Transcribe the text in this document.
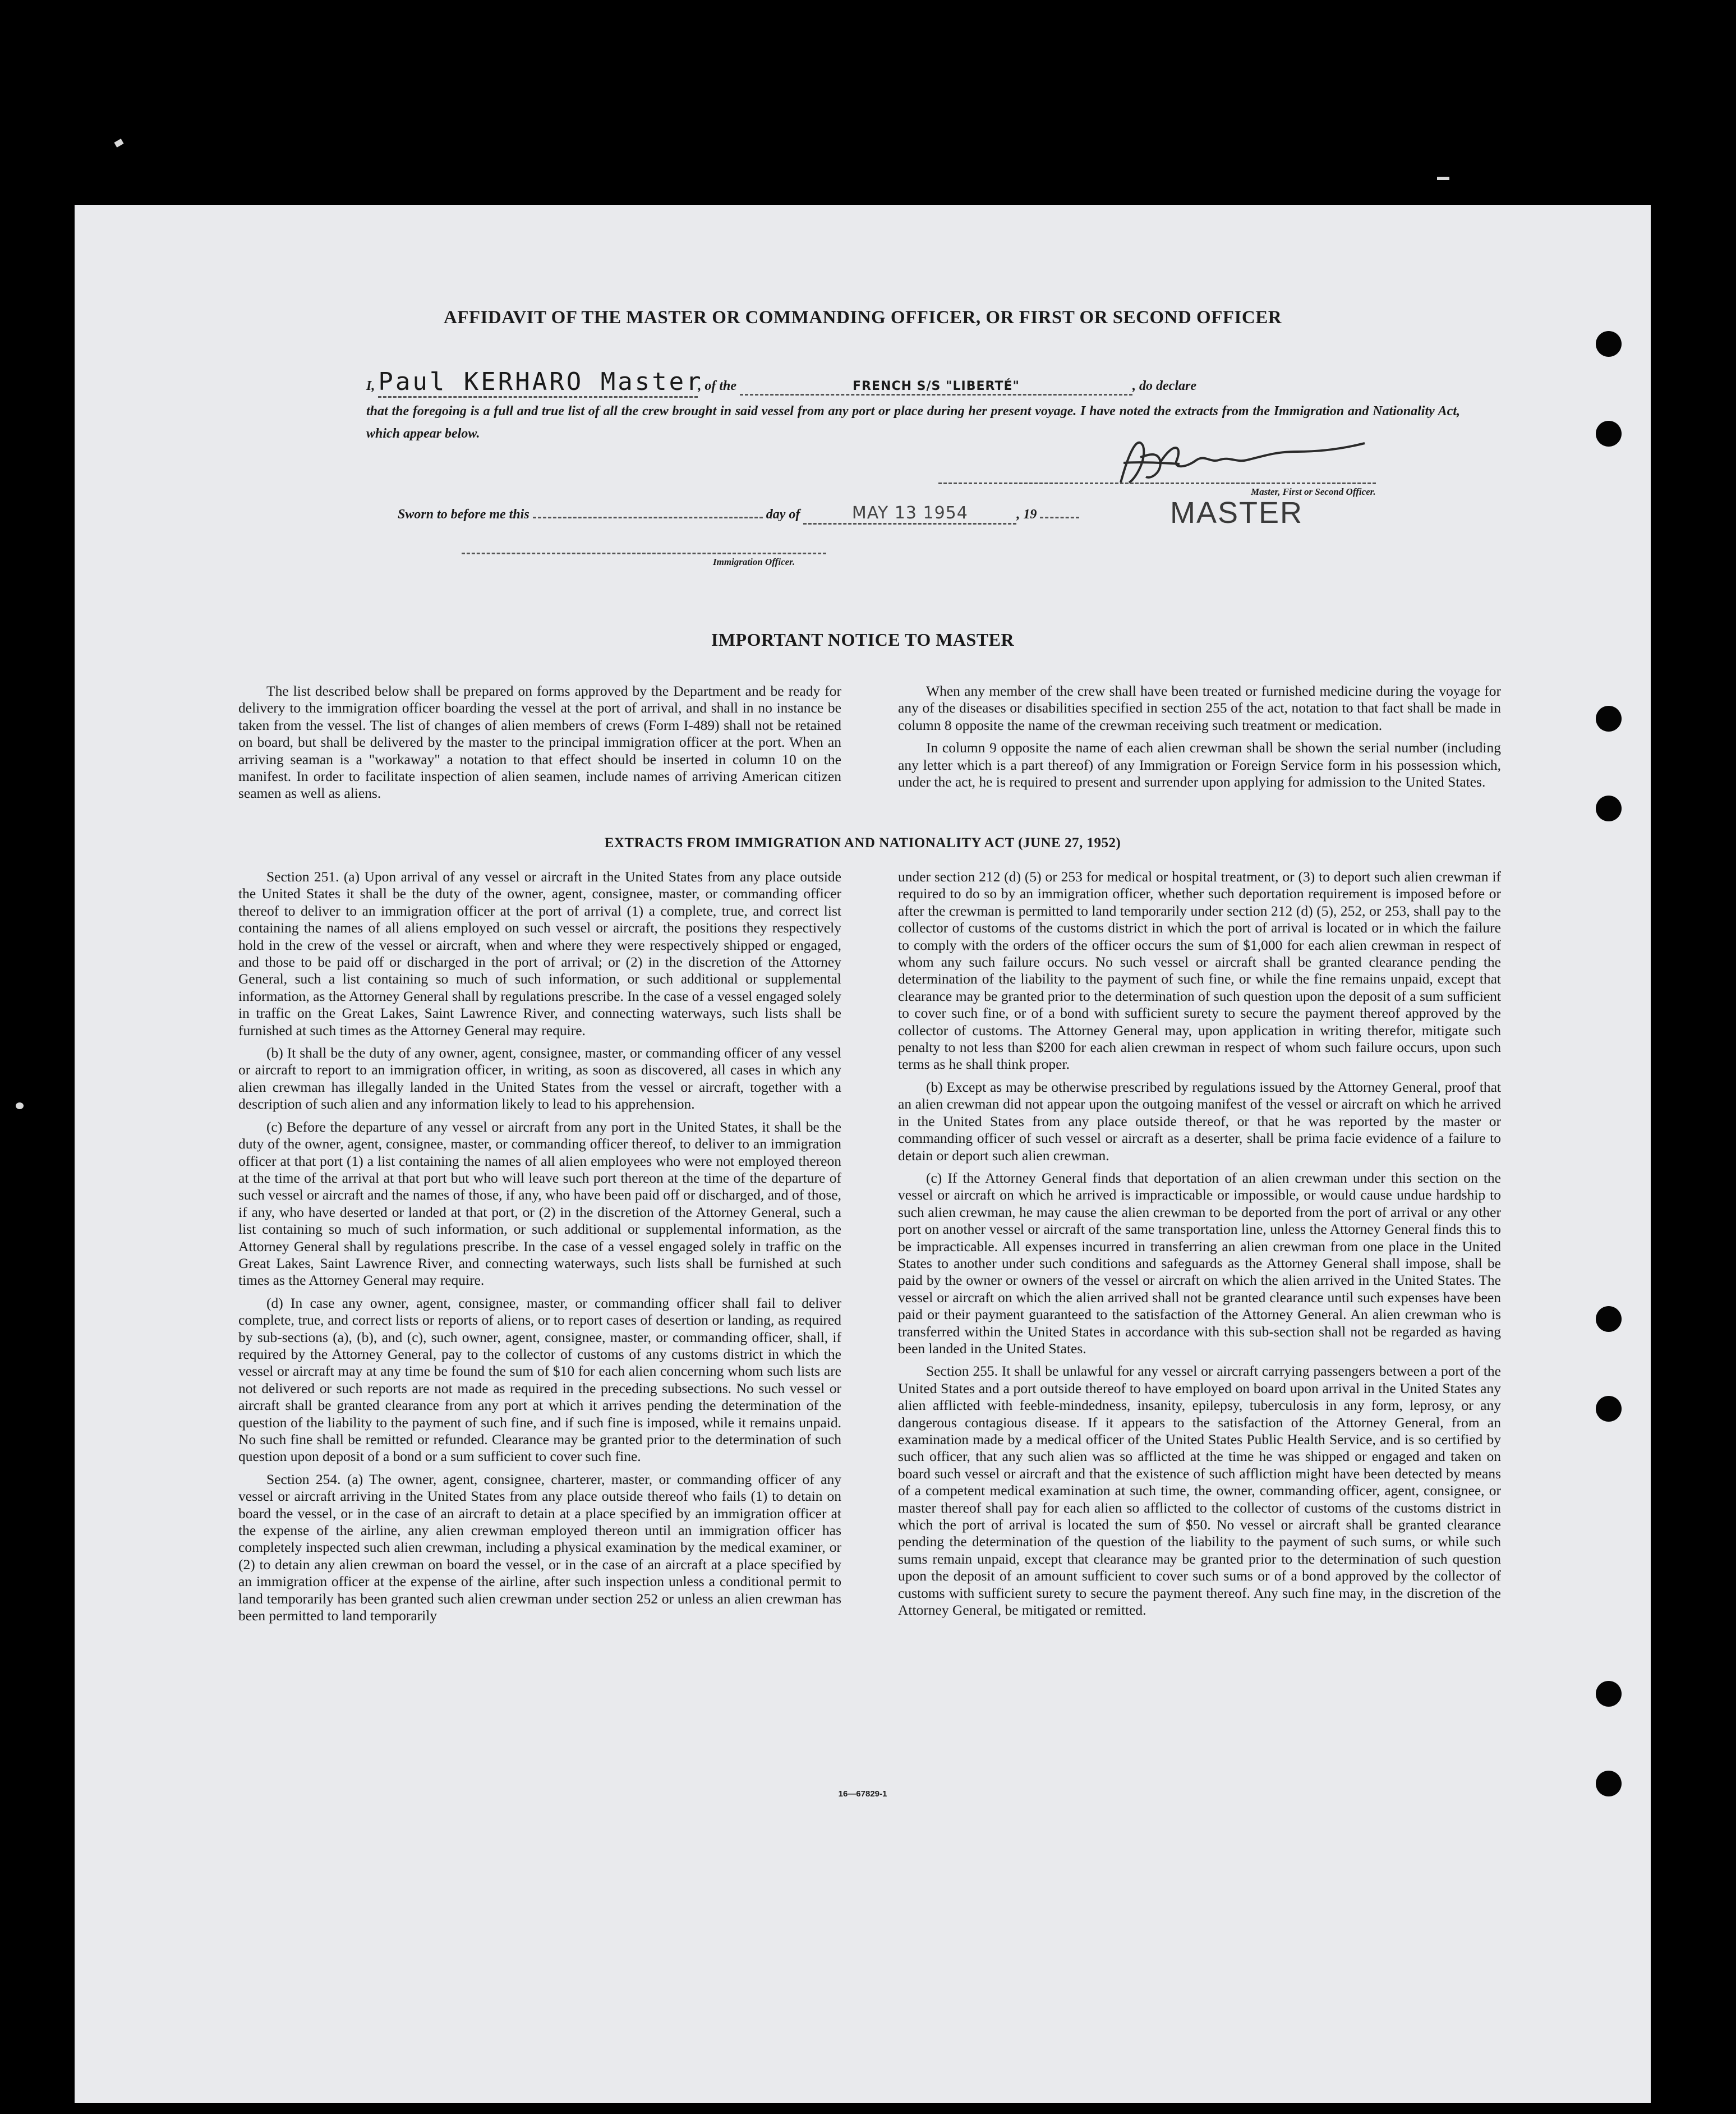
AFFIDAVIT OF THE MASTER OR COMMANDING OFFICER, OR FIRST OR SECOND OFFICER
I, Paul KERHARO Master, of the	FRENCH S/S "LIBERTÉ"	, do declare
that the foregoing is a full and true list of all the crew brought in said vessel from any port or place during her present voyage. I have noted the extracts from the Immigration and Nationality Act, which appear below.
Master, First or Second Officer.
MASTER
Sworn to before me this	day of	MAY 13 1954	, 19
Immigration Officer.
IMPORTANT NOTICE TO MASTER

The list described below shall be prepared on forms approved by the Department and be ready for delivery to the immigration officer boarding the vessel at the port of arrival, and shall in no instance be taken from the vessel. The list of changes of alien members of crews (Form I-489) shall not be retained on board, but shall be delivered by the master to the principal immigration officer at the port. When an arriving seaman is a "workaway" a notation to that effect should be inserted in column 10 on the manifest. In order to facilitate inspection of alien seamen, include names of arriving American citizen seamen as well as aliens.

When any member of the crew shall have been treated or furnished medicine during the voyage for any of the diseases or disabilities specified in section 255 of the act, notation to that fact shall be made in column 8 opposite the name of the crewman receiving such treatment or medication.

In column 9 opposite the name of each alien crewman shall be shown the serial number (including any letter which is a part thereof) of any Immigration or Foreign Service form in his possession which, under the act, he is required to present and surrender upon applying for admission to the United States.

EXTRACTS FROM IMMIGRATION AND NATIONALITY ACT (JUNE 27, 1952)

Section 251. (a) Upon arrival of any vessel or aircraft in the United States from any place outside the United States it shall be the duty of the owner, agent, consignee, master, or commanding officer thereof to deliver to an immigration officer at the port of arrival (1) a complete, true, and correct list containing the names of all aliens employed on such vessel or aircraft, the positions they respectively hold in the crew of the vessel or aircraft, when and where they were respectively shipped or engaged, and those to be paid off or discharged in the port of arrival; or (2) in the discretion of the Attorney General, such a list containing so much of such information, or such additional or supplemental information, as the Attorney General shall by regulations prescribe. In the case of a vessel engaged solely in traffic on the Great Lakes, Saint Lawrence River, and connecting waterways, such lists shall be furnished at such times as the Attorney General may require.

(b) It shall be the duty of any owner, agent, consignee, master, or commanding officer of any vessel or aircraft to report to an immigration officer, in writing, as soon as discovered, all cases in which any alien crewman has illegally landed in the United States from the vessel or aircraft, together with a description of such alien and any information likely to lead to his apprehension.

(c) Before the departure of any vessel or aircraft from any port in the United States, it shall be the duty of the owner, agent, consignee, master, or commanding officer thereof, to deliver to an immigration officer at that port (1) a list containing the names of all alien employees who were not employed thereon at the time of the arrival at that port but who will leave such port thereon at the time of the departure of such vessel or aircraft and the names of those, if any, who have been paid off or discharged, and of those, if any, who have deserted or landed at that port, or (2) in the discretion of the Attorney General, such a list containing so much of such information, or such additional or supplemental information, as the Attorney General shall by regulations prescribe. In the case of a vessel engaged solely in traffic on the Great Lakes, Saint Lawrence River, and connecting waterways, such lists shall be furnished at such times as the Attorney General may require.

(d) In case any owner, agent, consignee, master, or commanding officer shall fail to deliver complete, true, and correct lists or reports of aliens, or to report cases of desertion or landing, as required by sub-sections (a), (b), and (c), such owner, agent, consignee, master, or commanding officer, shall, if required by the Attorney General, pay to the collector of customs of any customs district in which the vessel or aircraft may at any time be found the sum of $10 for each alien concerning whom such lists are not delivered or such reports are not made as required in the preceding subsections. No such vessel or aircraft shall be granted clearance from any port at which it arrives pending the determination of the question of the liability to the payment of such fine, and if such fine is imposed, while it remains unpaid. No such fine shall be remitted or refunded. Clearance may be granted prior to the determination of such question upon deposit of a bond or a sum sufficient to cover such fine.

Section 254. (a) The owner, agent, consignee, charterer, master, or commanding officer of any vessel or aircraft arriving in the United States from any place outside thereof who fails (1) to detain on board the vessel, or in the case of an aircraft to detain at a place specified by an immigration officer at the expense of the airline, any alien crewman employed thereon until an immigration officer has completely inspected such alien crewman, including a physical examination by the medical examiner, or (2) to detain any alien crewman on board the vessel, or in the case of an aircraft at a place specified by an immigration officer at the expense of the airline, after such inspection unless a conditional permit to land temporarily has been granted such alien crewman under section 252 or unless an alien crewman has been permitted to land temporarily

under section 212 (d) (5) or 253 for medical or hospital treatment, or (3) to deport such alien crewman if required to do so by an immigration officer, whether such deportation requirement is imposed before or after the crewman is permitted to land temporarily under section 212 (d) (5), 252, or 253, shall pay to the collector of customs of the customs district in which the port of arrival is located or in which the failure to comply with the orders of the officer occurs the sum of $1,000 for each alien crewman in respect of whom any such failure occurs. No such vessel or aircraft shall be granted clearance pending the determination of the liability to the payment of such fine, or while the fine remains unpaid, except that clearance may be granted prior to the determination of such question upon the deposit of a sum sufficient to cover such fine, or of a bond with sufficient surety to secure the payment thereof approved by the collector of customs. The Attorney General may, upon application in writing therefor, mitigate such penalty to not less than $200 for each alien crewman in respect of whom such failure occurs, upon such terms as he shall think proper.

(b) Except as may be otherwise prescribed by regulations issued by the Attorney General, proof that an alien crewman did not appear upon the outgoing manifest of the vessel or aircraft on which he arrived in the United States from any place outside thereof, or that he was reported by the master or commanding officer of such vessel or aircraft as a deserter, shall be prima facie evidence of a failure to detain or deport such alien crewman.

(c) If the Attorney General finds that deportation of an alien crewman under this section on the vessel or aircraft on which he arrived is impracticable or impossible, or would cause undue hardship to such alien crewman, he may cause the alien crewman to be deported from the port of arrival or any other port on another vessel or aircraft of the same transportation line, unless the Attorney General finds this to be impracticable. All expenses incurred in transferring an alien crewman from one place in the United States to another under such conditions and safeguards as the Attorney General shall impose, shall be paid by the owner or owners of the vessel or aircraft on which the alien arrived in the United States. The vessel or aircraft on which the alien arrived shall not be granted clearance until such expenses have been paid or their payment guaranteed to the satisfaction of the Attorney General. An alien crewman who is transferred within the United States in accordance with this sub-section shall not be regarded as having been landed in the United States.

Section 255. It shall be unlawful for any vessel or aircraft carrying passengers between a port of the United States and a port outside thereof to have employed on board upon arrival in the United States any alien afflicted with feeble-mindedness, insanity, epilepsy, tuberculosis in any form, leprosy, or any dangerous contagious disease. If it appears to the satisfaction of the Attorney General, from an examination made by a medical officer of the United States Public Health Service, and is so certified by such officer, that any such alien was so afflicted at the time he was shipped or engaged and taken on board such vessel or aircraft and that the existence of such affliction might have been detected by means of a competent medical examination at such time, the owner, commanding officer, agent, consignee, or master thereof shall pay for each alien so afflicted to the collector of customs of the customs district in which the port of arrival is located the sum of $50. No vessel or aircraft shall be granted clearance pending the determination of the question of the liability to the payment of such sums, or while such sums remain unpaid, except that clearance may be granted prior to the determination of such question upon the deposit of an amount sufficient to cover such sums or of a bond approved by the collector of customs with sufficient surety to secure the payment thereof. Any such fine may, in the discretion of the Attorney General, be mitigated or remitted.

16—67829-1
